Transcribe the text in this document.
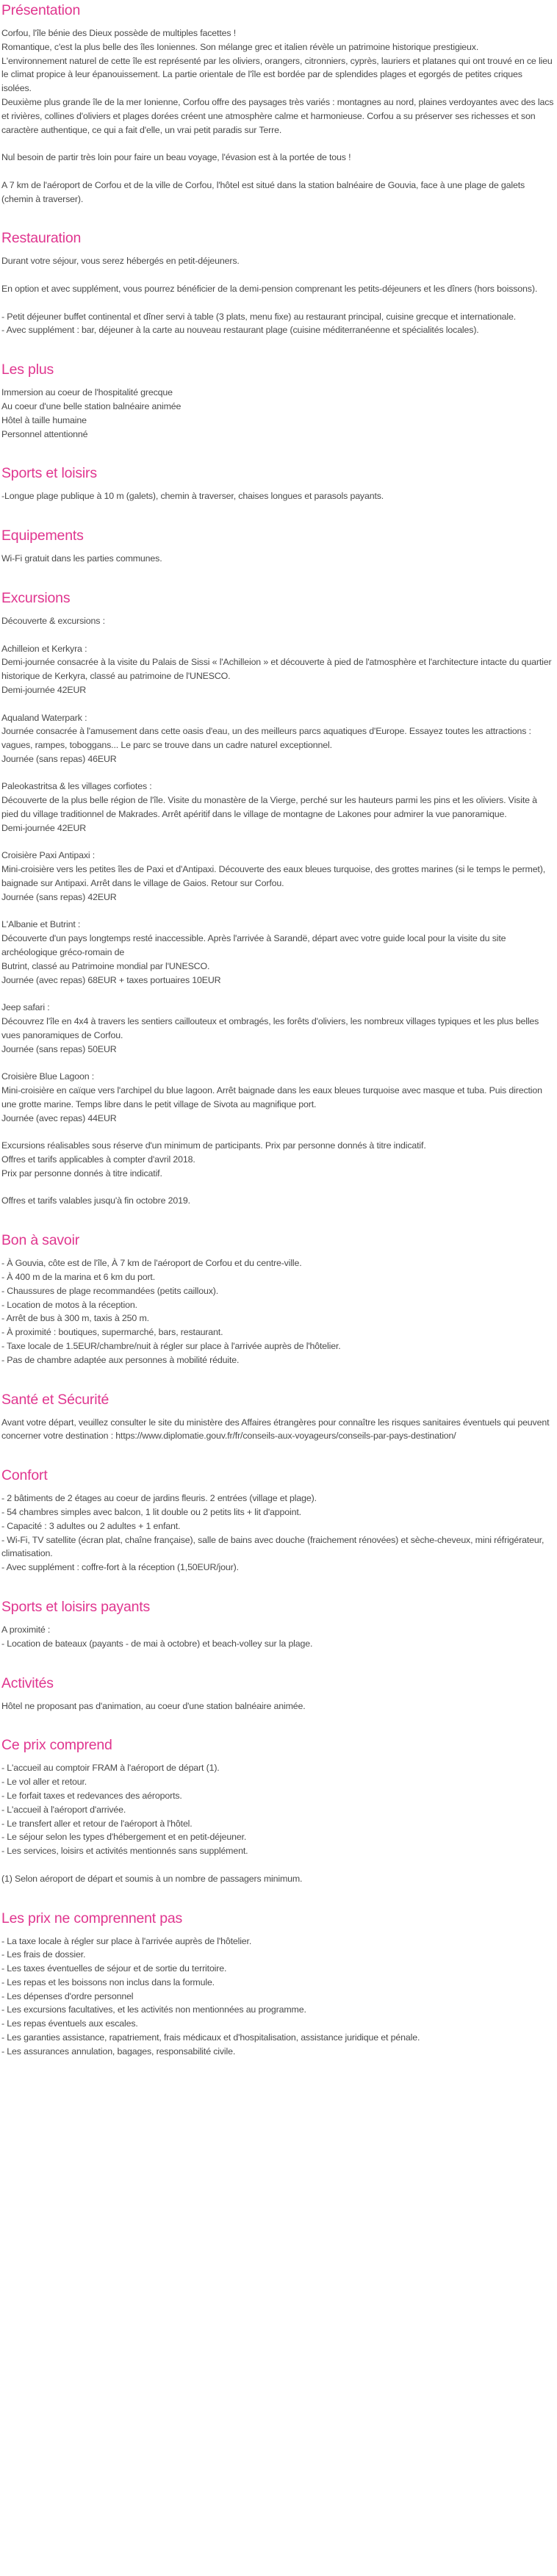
Présentation

Corfou, l'île bénie des Dieux possède de multiples facettes !
Romantique, c'est la plus belle des îles Ioniennes. Son mélange grec et italien révèle un patrimoine historique prestigieux.
L'environnement naturel de cette île est représenté par les oliviers, orangers, citronniers, cyprès, lauriers et platanes qui ont trouvé en ce lieu le climat propice à leur épanouissement. La partie orientale de l'île est bordée par de splendides plages et egorgés de petites criques isolées.
Deuxième plus grande île de la mer Ionienne, Corfou offre des paysages très variés : montagnes au nord, plaines verdoyantes avec des lacs et rivières, collines d'oliviers et plages dorées créent une atmosphère calme et harmonieuse. Corfou a su préserver ses richesses et son caractère authentique, ce qui a fait d'elle, un vrai petit paradis sur Terre.

Nul besoin de partir très loin pour faire un beau voyage, l'évasion est à la portée de tous !

A 7 km de l'aéroport de Corfou et de la ville de Corfou, l'hôtel est situé dans la station balnéaire de Gouvia, face à une plage de galets (chemin à traverser).

Restauration

Durant votre séjour, vous serez hébergés en petit-déjeuners.

En option et avec supplément, vous pourrez bénéficier de la demi-pension comprenant les petits-déjeuners et les dîners (hors boissons).

- Petit déjeuner buffet continental et dîner servi à table (3 plats, menu fixe) au restaurant principal, cuisine grecque et internationale.
- Avec supplément : bar, déjeuner à la carte au nouveau restaurant plage (cuisine méditerranéenne et spécialités locales).

Les plus

Immersion au coeur de l'hospitalité grecque
Au coeur d'une belle station balnéaire animée
Hôtel à taille humaine
Personnel attentionné

Sports et loisirs

-Longue plage publique à 10 m (galets), chemin à traverser, chaises longues et parasols payants.

Equipements

Wi-Fi gratuit dans les parties communes.

Excursions

Découverte & excursions :

Achilleion et Kerkyra :
Demi-journée consacrée à la visite du Palais de Sissi « l'Achilleion » et découverte à pied de l'atmosphère et l'architecture intacte du quartier historique de Kerkyra, classé au patrimoine de l'UNESCO.
Demi-journée 42EUR

Aqualand Waterpark :
Journée consacrée à l'amusement dans cette oasis d'eau, un des meilleurs parcs aquatiques d'Europe. Essayez toutes les attractions : vagues, rampes, toboggans... Le parc se trouve dans un cadre naturel exceptionnel.
Journée (sans repas) 46EUR

Paleokastritsa & les villages corfiotes :
Découverte de la plus belle région de l'île. Visite du monastère de la Vierge, perché sur les hauteurs parmi les pins et les oliviers. Visite à pied du village traditionnel de Makrades. Arrêt apéritif dans le village de montagne de Lakones pour admirer la vue panoramique.
Demi-journée 42EUR

Croisière Paxi Antipaxi :
Mini-croisière vers les petites îles de Paxi et d'Antipaxi. Découverte des eaux bleues turquoise, des grottes marines (si le temps le permet), baignade sur Antipaxi. Arrêt dans le village de Gaios. Retour sur Corfou.
Journée (sans repas) 42EUR

L'Albanie et Butrint :
Découverte d'un pays longtemps resté inaccessible. Après l'arrivée à Sarandë, départ avec votre guide local pour la visite du site archéologique gréco-romain de
Butrint, classé au Patrimoine mondial par l'UNESCO.
Journée (avec repas) 68EUR + taxes portuaires 10EUR

Jeep safari :
Découvrez l'île en 4x4 à travers les sentiers caillouteux et ombragés, les forêts d'oliviers, les nombreux villages typiques et les plus belles vues panoramiques de Corfou.
Journée (sans repas) 50EUR

Croisière Blue Lagoon :
Mini-croisière en caïque vers l'archipel du blue lagoon. Arrêt baignade dans les eaux bleues turquoise avec masque et tuba. Puis direction une grotte marine. Temps libre dans le petit village de Sivota au magnifique port.
Journée (avec repas) 44EUR

Excursions réalisables sous réserve d'un minimum de participants. Prix par personne donnés à titre indicatif.
Offres et tarifs applicables à compter d'avril 2018.
Prix par personne donnés à titre indicatif.

Offres et tarifs valables jusqu'à fin octobre 2019.

Bon à savoir

- À Gouvia, côte est de l'île, À 7 km de l'aéroport de Corfou et du centre-ville.
- À 400 m de la marina et 6 km du port.
- Chaussures de plage recommandées (petits cailloux).
- Location de motos à la réception.
- Arrêt de bus à 300 m, taxis à 250 m.
- À proximité : boutiques, supermarché, bars, restaurant.
- Taxe locale de 1.5EUR/chambre/nuit à régler sur place à l'arrivée auprès de l'hôtelier.
- Pas de chambre adaptée aux personnes à mobilité réduite.

Santé et Sécurité

Avant votre départ, veuillez consulter le site du ministère des Affaires étrangères pour connaître les risques sanitaires éventuels qui peuvent concerner votre destination : https://www.diplomatie.gouv.fr/fr/conseils-aux-voyageurs/conseils-par-pays-destination/

Confort

- 2 bâtiments de 2 étages au coeur de jardins fleuris. 2 entrées (village et plage).
- 54 chambres simples avec balcon, 1 lit double ou 2 petits lits + lit d'appoint.
- Capacité : 3 adultes ou 2 adultes + 1 enfant.
- Wi-Fi, TV satellite (écran plat, chaîne française), salle de bains avec douche (fraichement rénovées) et sèche-cheveux, mini réfrigérateur, climatisation.
- Avec supplément : coffre-fort à la réception (1,50EUR/jour).

Sports et loisirs payants

A proximité :
- Location de bateaux (payants - de mai à octobre) et beach-volley sur la plage.

Activités

Hôtel ne proposant pas d'animation, au coeur d'une station balnéaire animée.

Ce prix comprend

- L'accueil au comptoir FRAM à l'aéroport de départ (1).
- Le vol aller et retour.
- Le forfait taxes et redevances des aéroports.
- L'accueil à l'aéroport d'arrivée.
- Le transfert aller et retour de l'aéroport à l'hôtel.
- Le séjour selon les types d'hébergement et en petit-déjeuner.
- Les services, loisirs et activités mentionnés sans supplément.

(1) Selon aéroport de départ et soumis à un nombre de passagers minimum.

Les prix ne comprennent pas

- La taxe locale à régler sur place à l'arrivée auprès de l'hôtelier.
- Les frais de dossier.
- Les taxes éventuelles de séjour et de sortie du territoire.
- Les repas et les boissons non inclus dans la formule.
- Les dépenses d'ordre personnel
- Les excursions facultatives, et les activités non mentionnées au programme.
- Les repas éventuels aux escales.
- Les garanties assistance, rapatriement, frais médicaux et d'hospitalisation, assistance juridique et pénale.
- Les assurances annulation, bagages, responsabilité civile.
